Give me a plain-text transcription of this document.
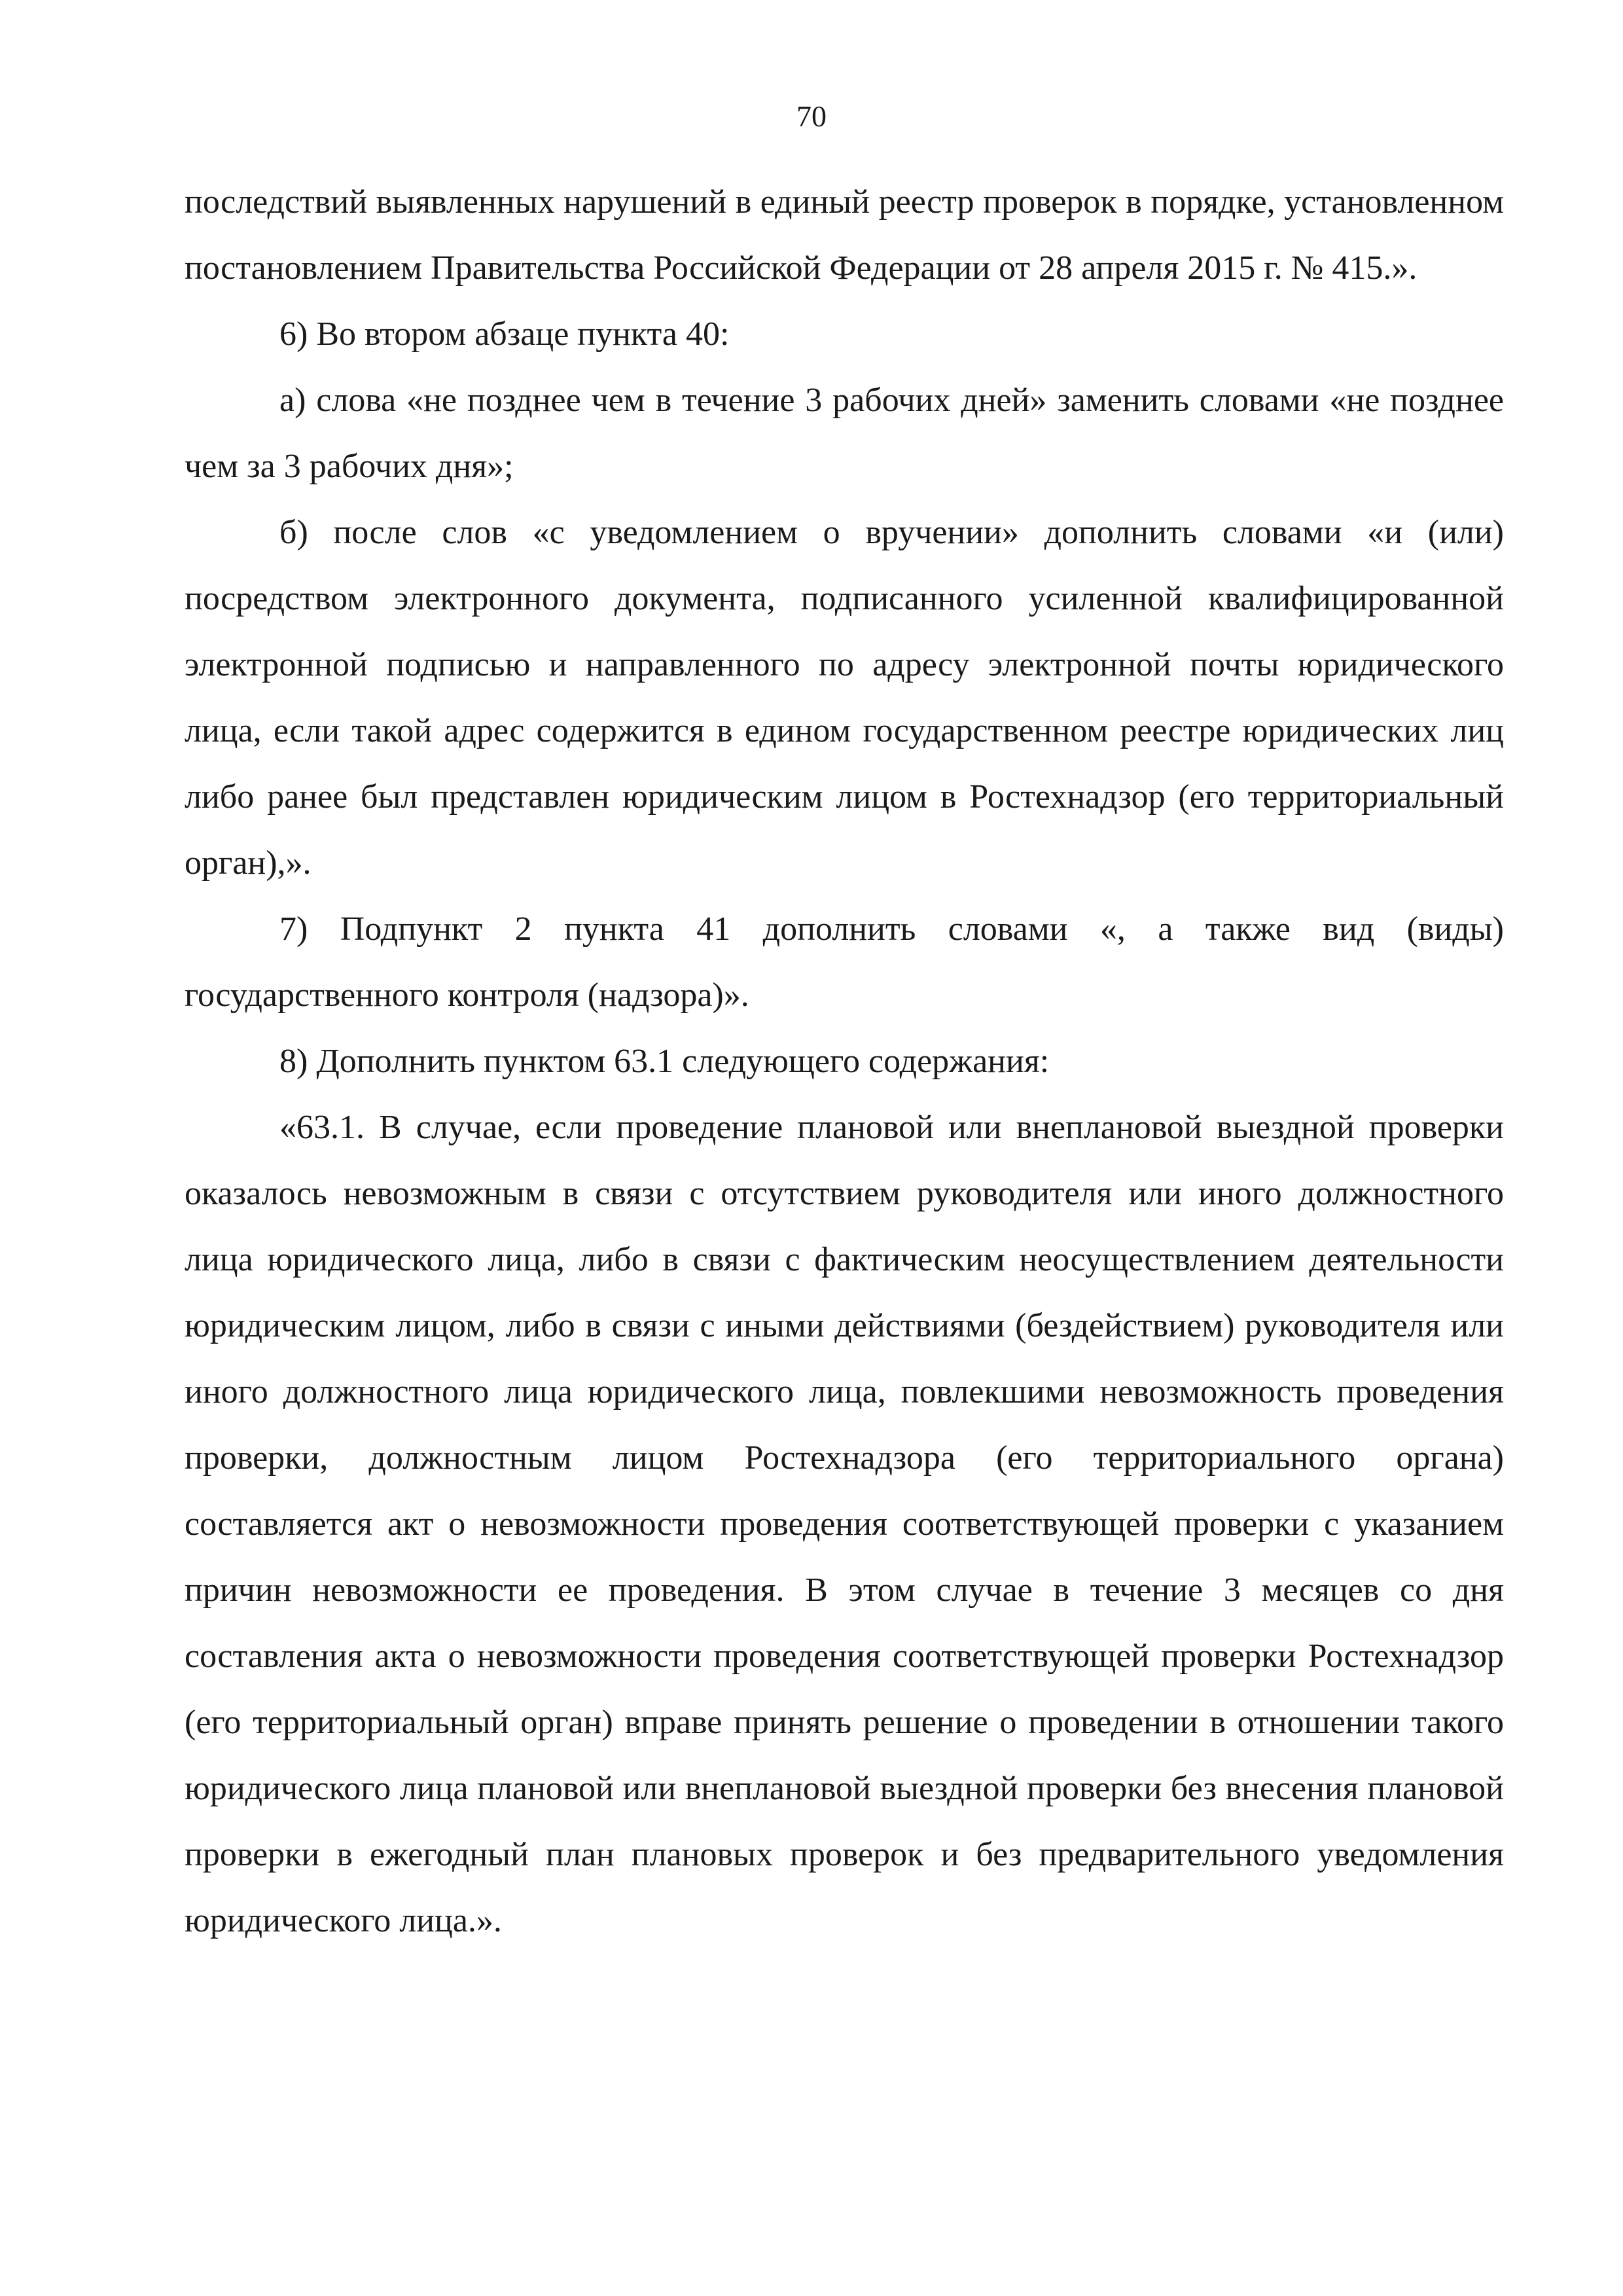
70

последствий выявленных нарушений в единый реестр проверок в порядке, установленном постановлением Правительства Российской Федерации от 28 апреля 2015 г. № 415.».

6) Во втором абзаце пункта 40:

а) слова «не позднее чем в течение 3 рабочих дней» заменить словами «не позднее чем за 3 рабочих дня»;

б) после слов «с уведомлением о вручении» дополнить словами «и (или) посредством электронного документа, подписанного усиленной квалифицированной электронной подписью и направленного по адресу электронной почты юридического лица, если такой адрес содержится в едином государственном реестре юридических лиц либо ранее был представлен юридическим лицом в Ростехнадзор (его территориальный орган),».

7) Подпункт 2 пункта 41 дополнить словами «, а также вид (виды) государственного контроля (надзора)».

8) Дополнить пунктом 63.1 следующего содержания:

«63.1. В случае, если проведение плановой или внеплановой выездной проверки оказалось невозможным в связи с отсутствием руководителя или иного должностного лица юридического лица, либо в связи с фактическим неосуществлением деятельности юридическим лицом, либо в связи с иными действиями (бездействием) руководителя или иного должностного лица юридического лица, повлекшими невозможность проведения проверки, должностным лицом Ростехнадзора (его территориального органа) составляется акт о невозможности проведения соответствующей проверки с указанием причин невозможности ее проведения. В этом случае в течение 3 месяцев со дня составления акта о невозможности проведения соответствующей проверки Ростехнадзор (его территориальный орган) вправе принять решение о проведении в отношении такого юридического лица плановой или внеплановой выездной проверки без внесения плановой проверки в ежегодный план плановых проверок и без предварительного уведомления юридического лица.».
